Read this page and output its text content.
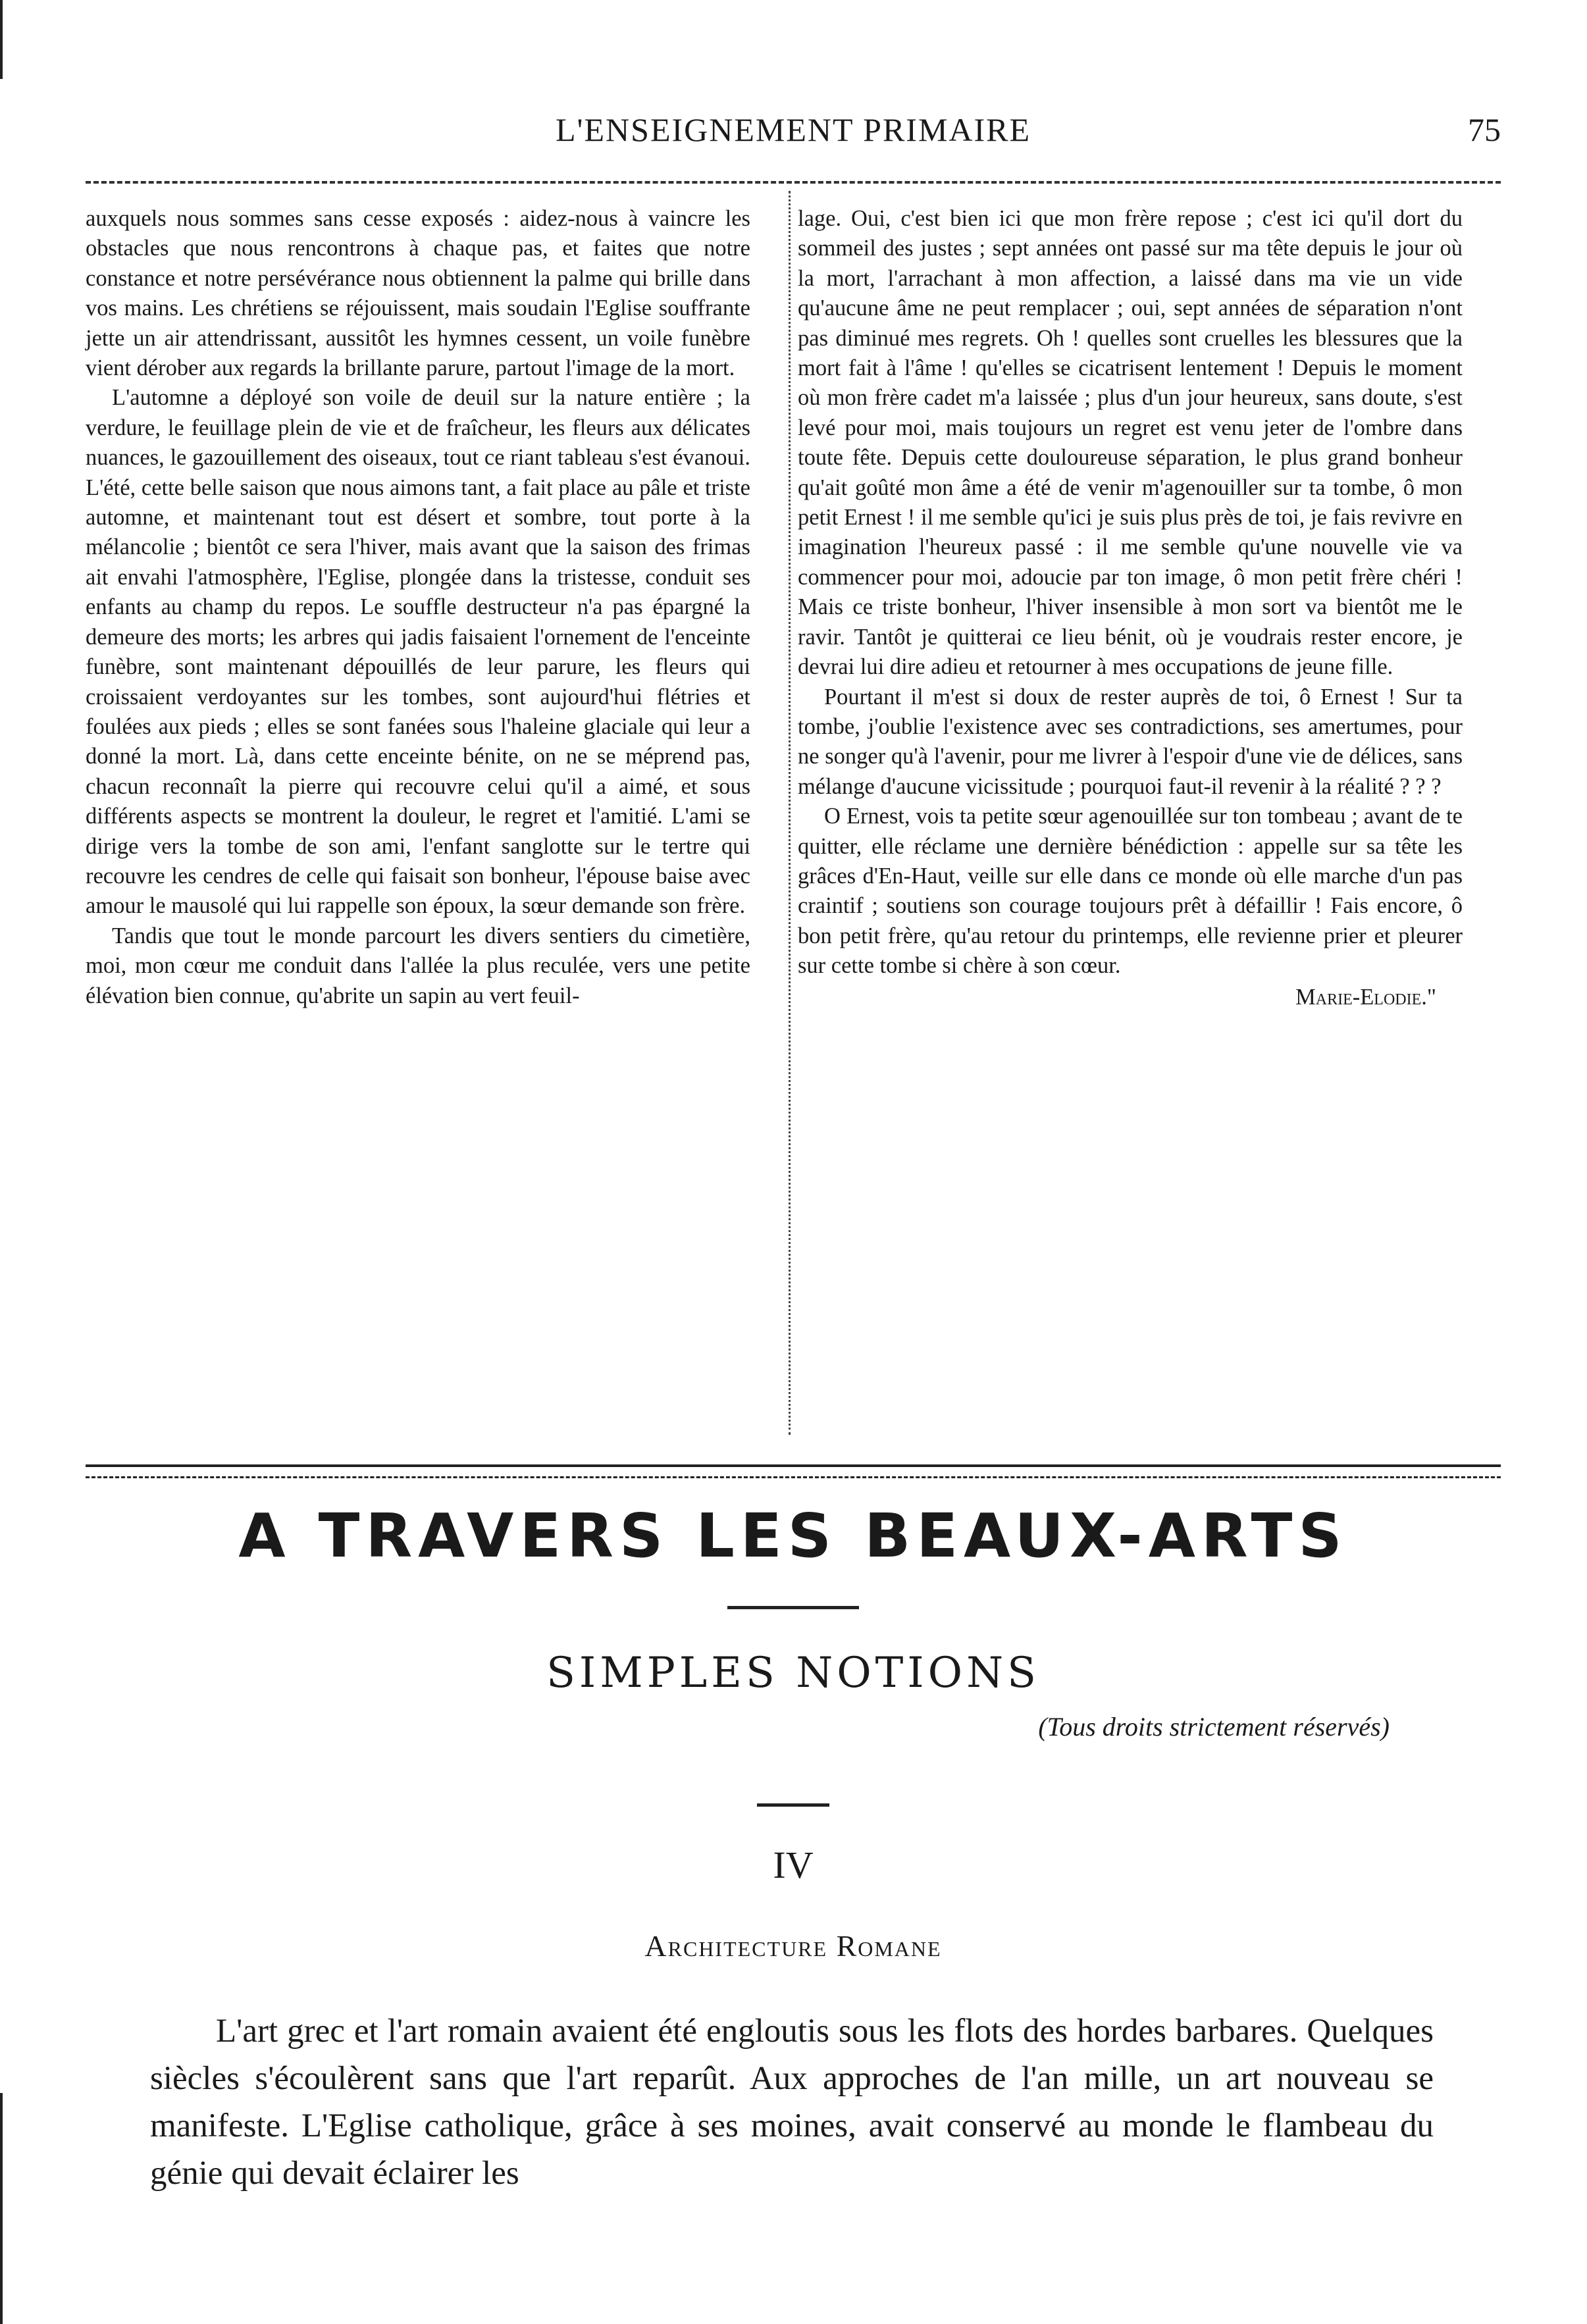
L'ENSEIGNEMENT PRIMAIRE	75

auxquels nous sommes sans cesse exposés : aidez-nous à vaincre les obstacles que nous rencontrons à chaque pas, et faites que notre constance et notre persévérance nous obtiennent la palme qui brille dans vos mains. Les chrétiens se réjouissent, mais soudain l'Eglise souffrante jette un air attendrissant, aussitôt les hymnes cessent, un voile funèbre vient dérober aux regards la brillante parure, partout l'image de la mort.

L'automne a déployé son voile de deuil sur la nature entière ; la verdure, le feuillage plein de vie et de fraîcheur, les fleurs aux délicates nuances, le gazouillement des oiseaux, tout ce riant tableau s'est évanoui. L'été, cette belle saison que nous aimons tant, a fait place au pâle et triste automne, et maintenant tout est désert et sombre, tout porte à la mélancolie ; bientôt ce sera l'hiver, mais avant que la saison des frimas ait envahi l'atmosphère, l'Eglise, plongée dans la tristesse, conduit ses enfants au champ du repos. Le souffle destructeur n'a pas épargné la demeure des morts; les arbres qui jadis faisaient l'ornement de l'enceinte funèbre, sont maintenant dépouillés de leur parure, les fleurs qui croissaient verdoyantes sur les tombes, sont aujourd'hui flétries et foulées aux pieds ; elles se sont fanées sous l'haleine glaciale qui leur a donné la mort. Là, dans cette enceinte bénite, on ne se méprend pas, chacun reconnaît la pierre qui recouvre celui qu'il a aimé, et sous différents aspects se montrent la douleur, le regret et l'amitié. L'ami se dirige vers la tombe de son ami, l'enfant sanglotte sur le tertre qui recouvre les cendres de celle qui faisait son bonheur, l'épouse baise avec amour le mausolé qui lui rappelle son époux, la sœur demande son frère.

Tandis que tout le monde parcourt les divers sentiers du cimetière, moi, mon cœur me conduit dans l'allée la plus reculée, vers une petite élévation bien connue, qu'abrite un sapin au vert feuil-

lage. Oui, c'est bien ici que mon frère repose ; c'est ici qu'il dort du sommeil des justes ; sept années ont passé sur ma tête depuis le jour où la mort, l'arrachant à mon affection, a laissé dans ma vie un vide qu'aucune âme ne peut remplacer ; oui, sept années de séparation n'ont pas diminué mes regrets. Oh ! quelles sont cruelles les blessures que la mort fait à l'âme ! qu'elles se cicatrisent lentement ! Depuis le moment où mon frère cadet m'a laissée ; plus d'un jour heureux, sans doute, s'est levé pour moi, mais toujours un regret est venu jeter de l'ombre dans toute fête. Depuis cette douloureuse séparation, le plus grand bonheur qu'ait goûté mon âme a été de venir m'agenouiller sur ta tombe, ô mon petit Ernest ! il me semble qu'ici je suis plus près de toi, je fais revivre en imagination l'heureux passé : il me semble qu'une nouvelle vie va commencer pour moi, adoucie par ton image, ô mon petit frère chéri ! Mais ce triste bonheur, l'hiver insensible à mon sort va bientôt me le ravir. Tantôt je quitterai ce lieu bénit, où je voudrais rester encore, je devrai lui dire adieu et retourner à mes occupations de jeune fille.

Pourtant il m'est si doux de rester auprès de toi, ô Ernest ! Sur ta tombe, j'oublie l'existence avec ses contradictions, ses amertumes, pour ne songer qu'à l'avenir, pour me livrer à l'espoir d'une vie de délices, sans mélange d'aucune vicissitude ; pourquoi faut-il revenir à la réalité ? ? ?

O Ernest, vois ta petite sœur agenouillée sur ton tombeau ; avant de te quitter, elle réclame une dernière bénédiction : appelle sur sa tête les grâces d'En-Haut, veille sur elle dans ce monde où elle marche d'un pas craintif ; soutiens son courage toujours prêt à défaillir ! Fais encore, ô bon petit frère, qu'au retour du printemps, elle revienne prier et pleurer sur cette tombe si chère à son cœur.

Marie-Elodie."
A TRAVERS LES BEAUX-ARTS
SIMPLES NOTIONS
(Tous droits strictement réservés)
IV
Architecture Romane

L'art grec et l'art romain avaient été engloutis sous les flots des hordes barbares. Quelques siècles s'écoulèrent sans que l'art reparût. Aux approches de l'an mille, un art nouveau se manifeste. L'Eglise catholique, grâce à ses moines, avait conservé au monde le flambeau du génie qui devait éclairer les
